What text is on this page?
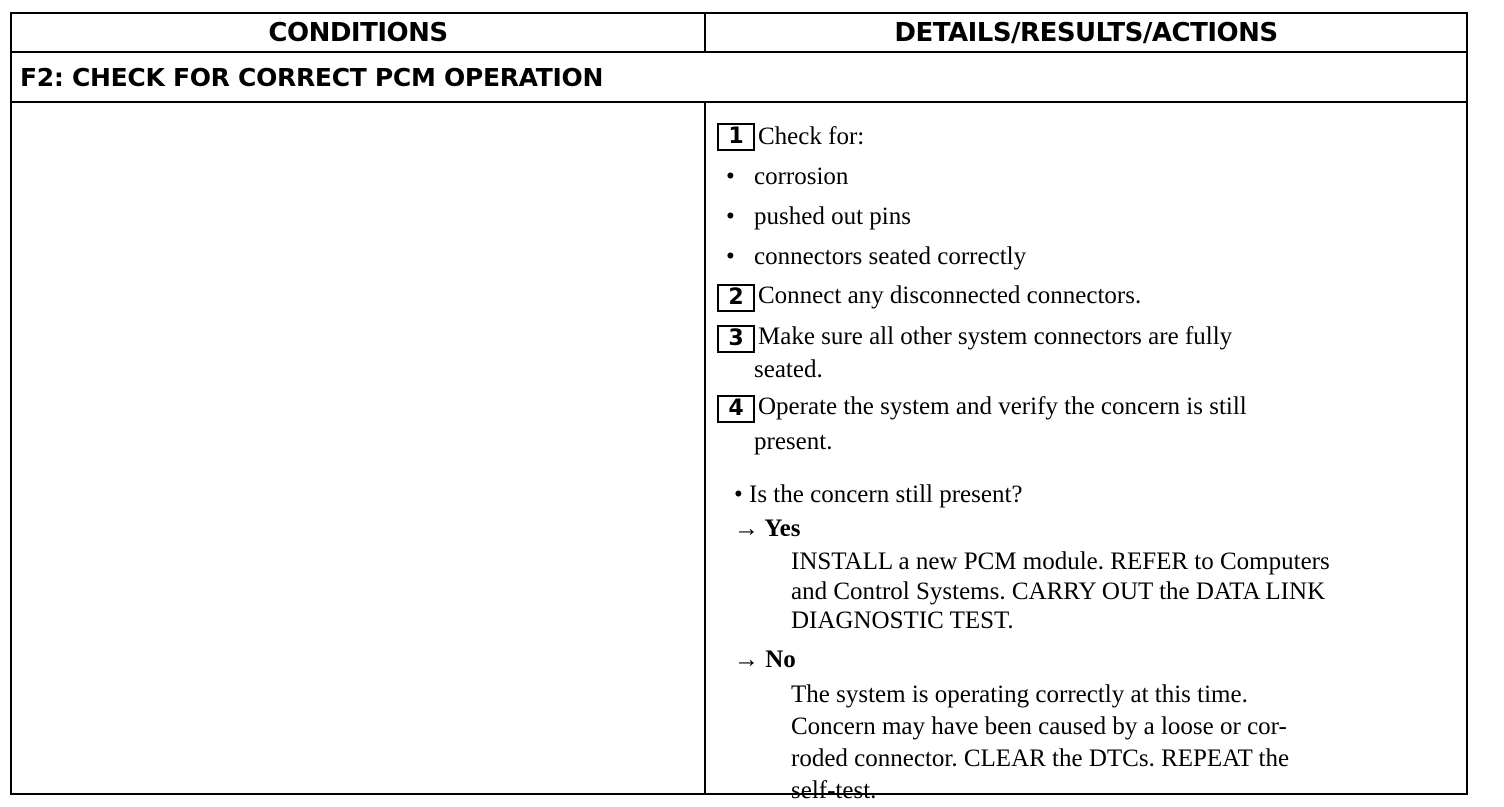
CONDITIONS	DETAILS/RESULTS/ACTIONS
F2: CHECK FOR CORRECT PCM OPERATION
1 Check for:
• corrosion
• pushed out pins
• connectors seated correctly
2 Connect any disconnected connectors.
3 Make sure all other system connectors are fully
seated.
4 Operate the system and verify the concern is still
present.
• Is the concern still present?
→ Yes
INSTALL a new PCM module. REFER to Computers
and Control Systems. CARRY OUT the DATA LINK
DIAGNOSTIC TEST.
→ No
The system is operating correctly at this time.
Concern may have been caused by a loose or cor-
roded connector. CLEAR the DTCs. REPEAT the
self-test.
